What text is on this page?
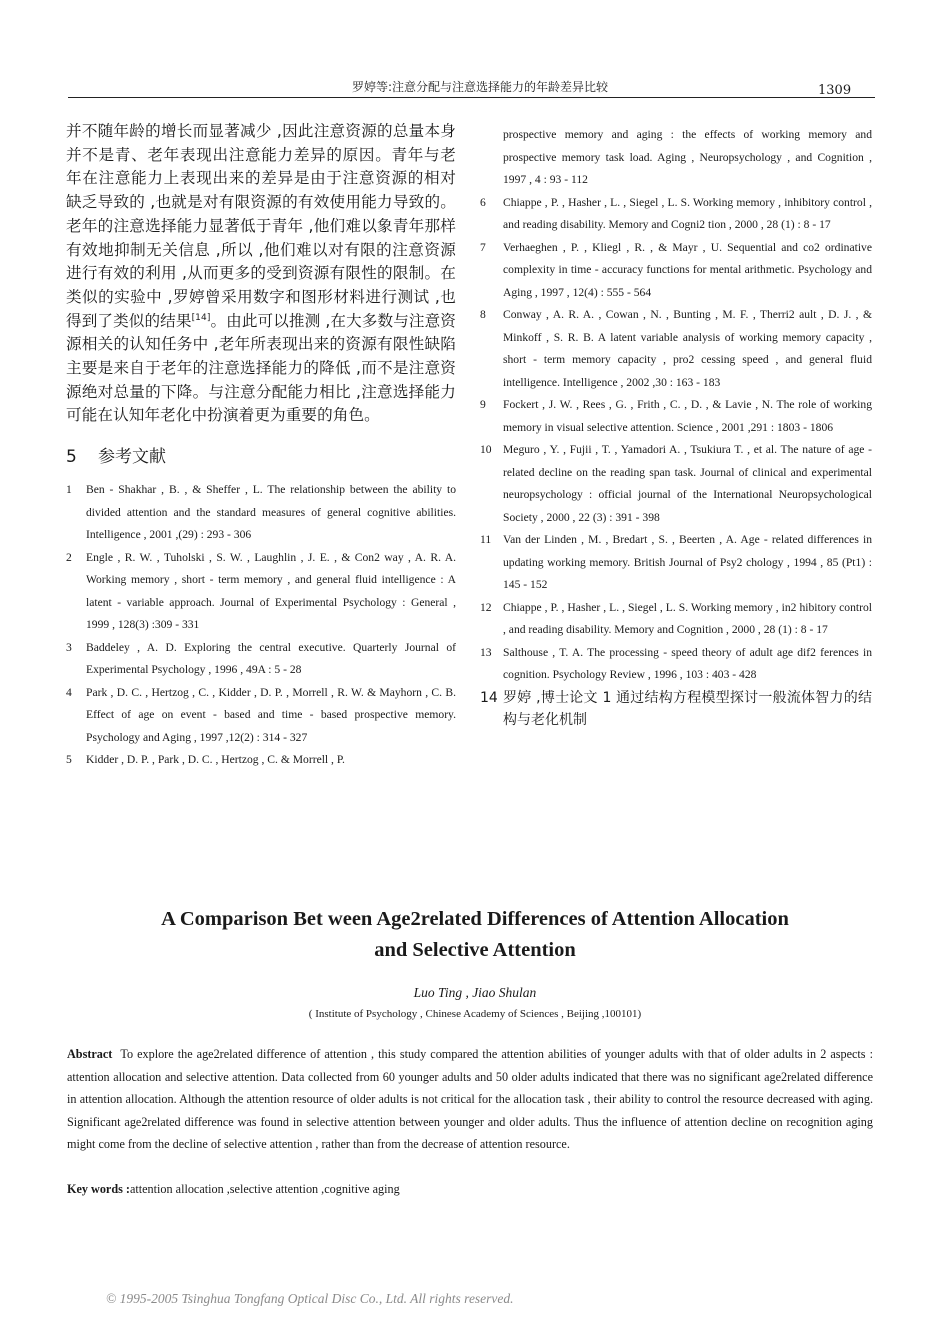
罗婷等:注意分配与注意选择能力的年龄差异比较	1309

并不随年龄的增长而显著减少 ,因此注意资源的总量本身并不是青、老年表现出注意能力差异的原因。青年与老年在注意能力上表现出来的差异是由于注意资源的相对缺乏导致的 ,也就是对有限资源的有效使用能力导致的。老年的注意选择能力显著低于青年 ,他们难以象青年那样有效地抑制无关信息 ,所以 ,他们难以对有限的注意资源进行有效的利用 ,从而更多的受到资源有限性的限制。在类似的实验中 ,罗婷曾采用数字和图形材料进行测试 ,也得到了类似的结果[14]。由此可以推测 ,在大多数与注意资源相关的认知任务中 ,老年所表现出来的资源有限性缺陷主要是来自于老年的注意选择能力的降低 ,而不是注意资源绝对总量的下降。与注意分配能力相比 ,注意选择能力可能在认知年老化中扮演着更为重要的角色。

5 参考文献
1 Ben - Shakhar , B. , & Sheffer , L. The relationship between the ability to divided attention and the standard measures of general cognitive abilities. Intelligence , 2001 ,(29) : 293 - 306
2 Engle , R. W. , Tuholski , S. W. , Laughlin , J. E. , & Con2 way , A. R. A. Working memory , short - term memory , and general fluid intelligence : A latent - variable approach. Journal of Experimental Psychology : General , 1999 , 128(3) :309 - 331
3 Baddeley , A. D. Exploring the central executive. Quarterly Journal of Experimental Psychology , 1996 , 49A : 5 - 28
4 Park , D. C. , Hertzog , C. , Kidder , D. P. , Morrell , R. W. & Mayhorn , C. B. Effect of age on event - based and time - based prospective memory. Psychology and Aging , 1997 ,12(2) : 314 - 327
5 Kidder , D. P. , Park , D. C. , Hertzog , C. & Morrell , P.
prospective memory and aging : the effects of working memory and prospective memory task load. Aging , Neuropsychology , and Cognition , 1997 , 4 : 93 - 112
6 Chiappe , P. , Hasher , L. , Siegel , L. S. Working memory , inhibitory control , and reading disability. Memory and Cogni2 tion , 2000 , 28 (1) : 8 - 17
7 Verhaeghen , P. , Kliegl , R. , & Mayr , U. Sequential and co2 ordinative complexity in time - accuracy functions for mental arithmetic. Psychology and Aging , 1997 , 12(4) : 555 - 564
8 Conway , A. R. A. , Cowan , N. , Bunting , M. F. , Therri2 ault , D. J. , & Minkoff , S. R. B. A latent variable analysis of working memory capacity , short - term memory capacity , pro2 cessing speed , and general fluid intelligence. Intelligence , 2002 ,30 : 163 - 183
9 Fockert , J. W. , Rees , G. , Frith , C. , D. , & Lavie , N. The role of working memory in visual selective attention. Science , 2001 ,291 : 1803 - 1806
10 Meguro , Y. , Fujii , T. , Yamadori A. , Tsukiura T. , et al. The nature of age - related decline on the reading span task. Journal of clinical and experimental neuropsychology : official journal of the International Neuropsychological Society , 2000 , 22 (3) : 391 - 398
11 Van der Linden , M. , Bredart , S. , Beerten , A. Age - related differences in updating working memory. British Journal of Psy2 chology , 1994 , 85 (Pt1) : 145 - 152
12 Chiappe , P. , Hasher , L. , Siegel , L. S. Working memory , in2 hibitory control , and reading disability. Memory and Cognition , 2000 , 28 (1) : 8 - 17
13 Salthouse , T. A. The processing - speed theory of adult age dif2 ferences in cognition. Psychology Review , 1996 , 103 : 403 - 428
14 罗婷 ,博士论文 1 通过结构方程模型探讨一般流体智力的结构与老化机制
A Comparison Bet ween Age2related Differences of Attention Allocation
and Selective Attention
Luo Ting , Jiao Shulan
( Institute of Psychology , Chinese Academy of Sciences , Beijing ,100101)
Abstract To explore the age2related difference of attention , this study compared the attention abilities of younger adults with that of older adults in 2 aspects : attention allocation and selective attention. Data collected from 60 younger adults and 50 older adults indicated that there was no significant age2related difference in attention allocation. Although the attention resource of older adults is not critical for the allocation task , their ability to control the resource decreased with aging. Significant age2related difference was found in selective attention between younger and older adults. Thus the influence of attention decline on recognition aging might come from the decline of selective attention , rather than from the decrease of attention resource.
Key words :attention allocation ,selective attention ,cognitive aging
© 1995-2005 Tsinghua Tongfang Optical Disc Co., Ltd. All rights reserved.
